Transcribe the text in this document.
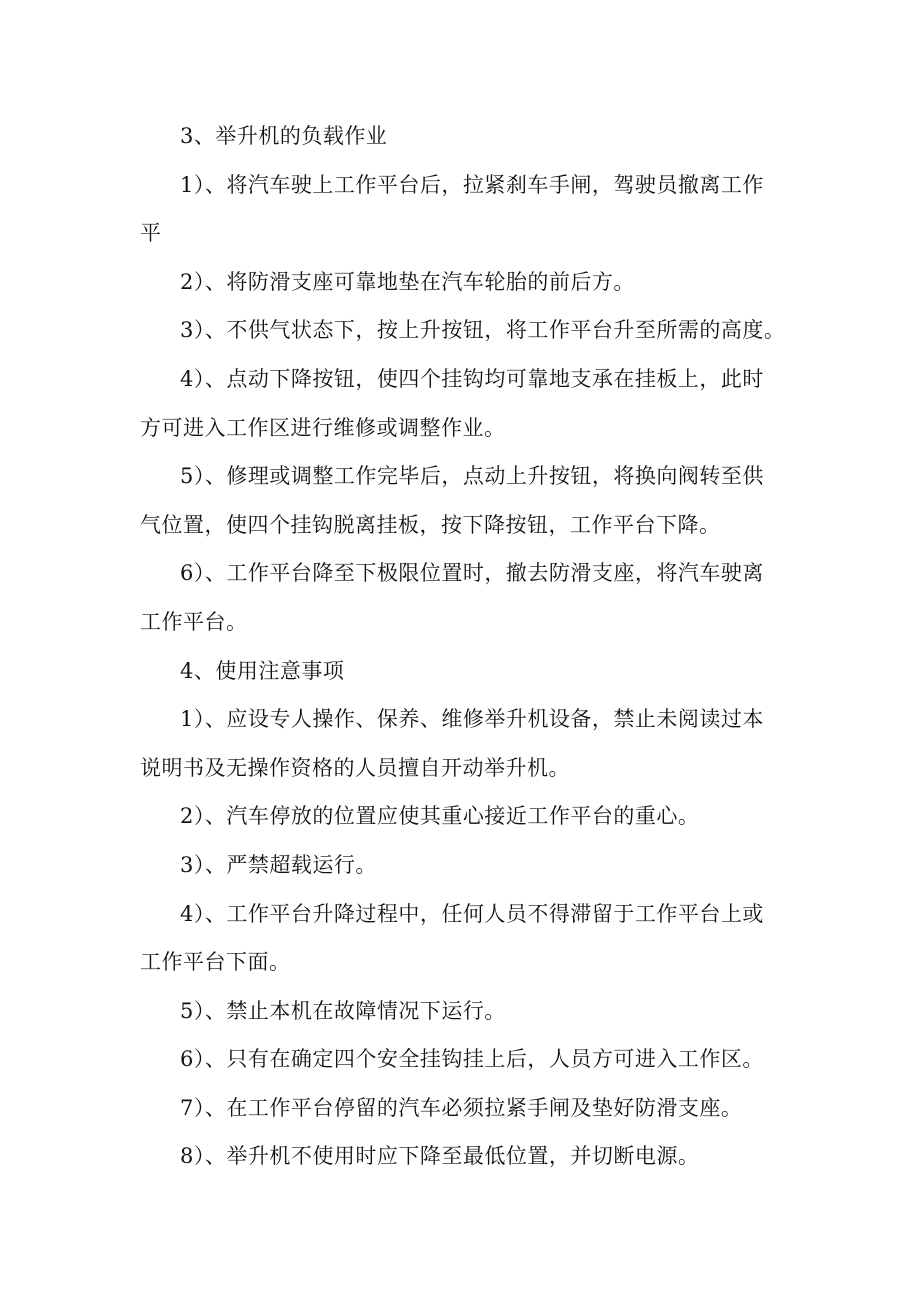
3、举升机的负载作业
1）、将汽车驶上工作平台后，拉紧刹车手闸，驾驶员撤离工作
平
2）、将防滑支座可靠地垫在汽车轮胎的前后方。
3）、不供气状态下，按上升按钮，将工作平台升至所需的高度。
4）、点动下降按钮，使四个挂钩均可靠地支承在挂板上，此时
方可进入工作区进行维修或调整作业。
5）、修理或调整工作完毕后，点动上升按钮，将换向阀转至供
气位置，使四个挂钩脱离挂板，按下降按钮，工作平台下降。
6）、工作平台降至下极限位置时，撤去防滑支座，将汽车驶离
工作平台。
4、使用注意事项
1）、应设专人操作、保养、维修举升机设备，禁止未阅读过本
说明书及无操作资格的人员擅自开动举升机。
2）、汽车停放的位置应使其重心接近工作平台的重心。
3）、严禁超载运行。
4）、工作平台升降过程中，任何人员不得滞留于工作平台上或
工作平台下面。
5）、禁止本机在故障情况下运行。
6）、只有在确定四个安全挂钩挂上后，人员方可进入工作区。
7）、在工作平台停留的汽车必须拉紧手闸及垫好防滑支座。
8）、举升机不使用时应下降至最低位置，并切断电源。
